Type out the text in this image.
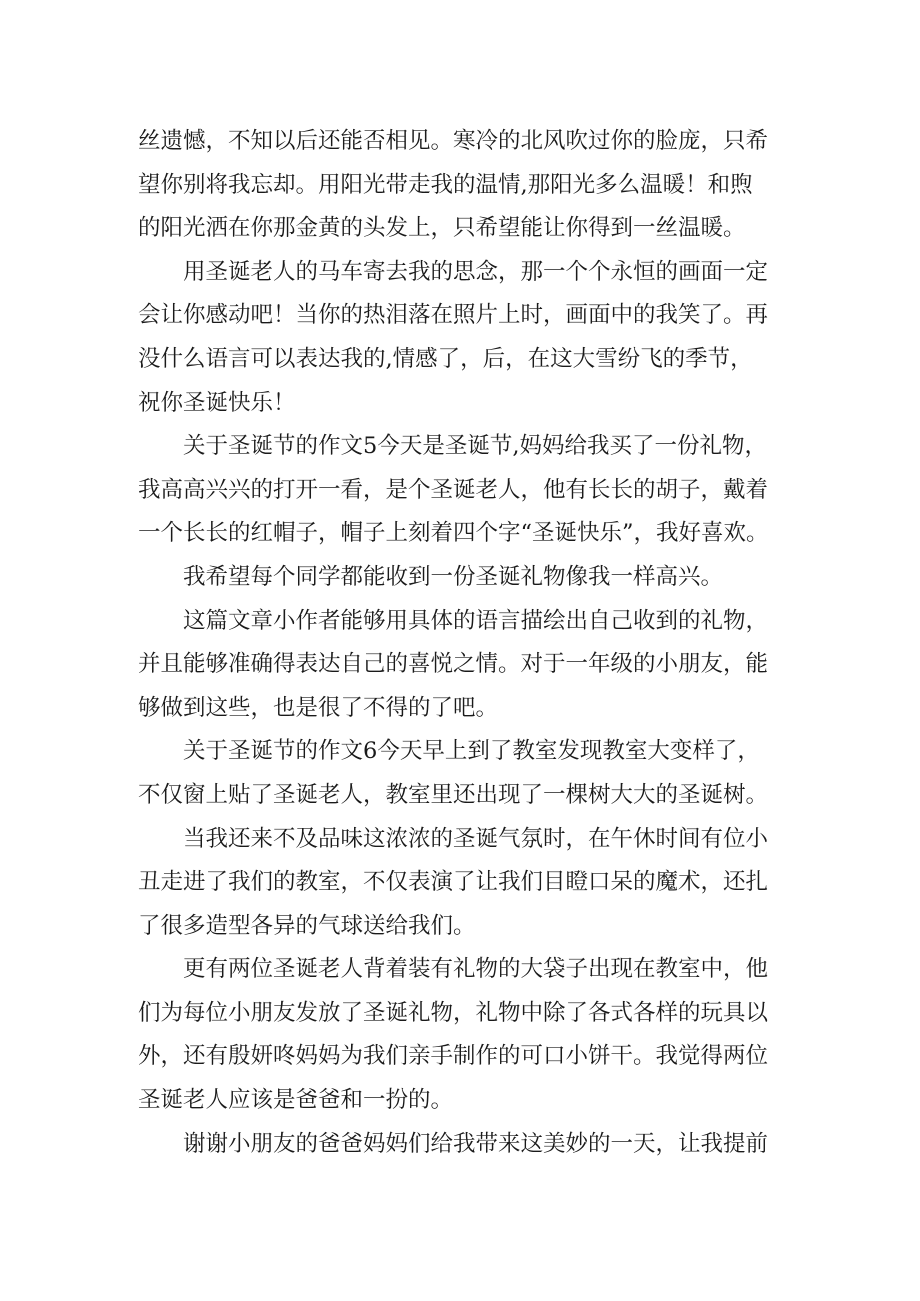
丝遗憾，不知以后还能否相见。寒冷的北风吹过你的脸庞，只希
望你别将我忘却。用阳光带走我的温情,那阳光多么温暖！和煦
的阳光洒在你那金黄的头发上，只希望能让你得到一丝温暖。

用圣诞老人的马车寄去我的思念，那一个个永恒的画面一定
会让你感动吧！当你的热泪落在照片上时，画面中的我笑了。再
没什么语言可以表达我的,情感了，后，在这大雪纷飞的季节，
祝你圣诞快乐！

关于圣诞节的作文5今天是圣诞节,妈妈给我买了一份礼物，
我高高兴兴的打开一看，是个圣诞老人，他有长长的胡子，戴着
一个长长的红帽子，帽子上刻着四个字“圣诞快乐”，我好喜欢。

我希望每个同学都能收到一份圣诞礼物像我一样高兴。

这篇文章小作者能够用具体的语言描绘出自己收到的礼物，
并且能够准确得表达自己的喜悦之情。对于一年级的小朋友，能
够做到这些，也是很了不得的了吧。

关于圣诞节的作文6今天早上到了教室发现教室大变样了，
不仅窗上贴了圣诞老人，教室里还出现了一棵树大大的圣诞树。

当我还来不及品味这浓浓的圣诞气氛时，在午休时间有位小
丑走进了我们的教室，不仅表演了让我们目瞪口呆的魔术，还扎
了很多造型各异的气球送给我们。

更有两位圣诞老人背着装有礼物的大袋子出现在教室中，他
们为每位小朋友发放了圣诞礼物，礼物中除了各式各样的玩具以
外，还有殷妍咚妈妈为我们亲手制作的可口小饼干。我觉得两位
圣诞老人应该是爸爸和一扮的。

谢谢小朋友的爸爸妈妈们给我带来这美妙的一天，让我提前
